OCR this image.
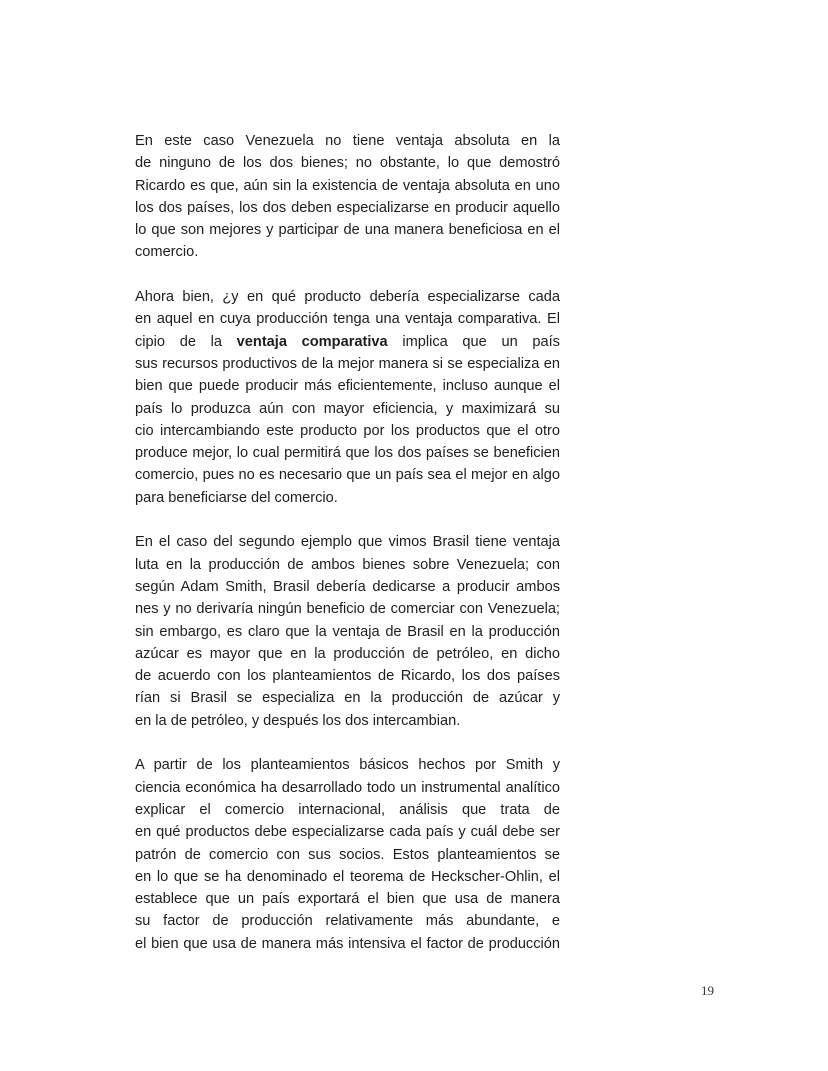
En este caso Venezuela no tiene ventaja absoluta en la
de ninguno de los dos bienes; no obstante, lo que demostró
Ricardo es que, aún sin la existencia de ventaja absoluta en uno
los dos países, los dos deben especializarse en producir aquello
lo que son mejores y participar de una manera beneficiosa en el
comercio.
Ahora bien, ¿y en qué producto debería especializarse cada
en aquel en cuya producción tenga una ventaja comparativa. El
cipio de la ventaja comparativa implica que un país
sus recursos productivos de la mejor manera si se especializa en
bien que puede producir más eficientemente, incluso aunque el
país lo produzca aún con mayor eficiencia, y maximizará su
cio intercambiando este producto por los productos que el otro
produce mejor, lo cual permitirá que los dos países se beneficien
comercio, pues no es necesario que un país sea el mejor en algo
para beneficiarse del comercio.
En el caso del segundo ejemplo que vimos Brasil tiene ventaja
luta en la producción de ambos bienes sobre Venezuela; con
según Adam Smith, Brasil debería dedicarse a producir ambos
nes y no derivaría ningún beneficio de comerciar con Venezuela;
sin embargo, es claro que la ventaja de Brasil en la producción
azúcar es mayor que en la producción de petróleo, en dicho
de acuerdo con los planteamientos de Ricardo, los dos países
rían si Brasil se especializa en la producción de azúcar y
en la de petróleo, y después los dos intercambian.
A partir de los planteamientos básicos hechos por Smith y
ciencia económica ha desarrollado todo un instrumental analítico
explicar el comercio internacional, análisis que trata de
en qué productos debe especializarse cada país y cuál debe ser
patrón de comercio con sus socios. Estos planteamientos se
en lo que se ha denominado el teorema de Heckscher-Ohlin, el
establece que un país exportará el bien que usa de manera
su factor de producción relativamente más abundante, e
el bien que usa de manera más intensiva el factor de producción
19
